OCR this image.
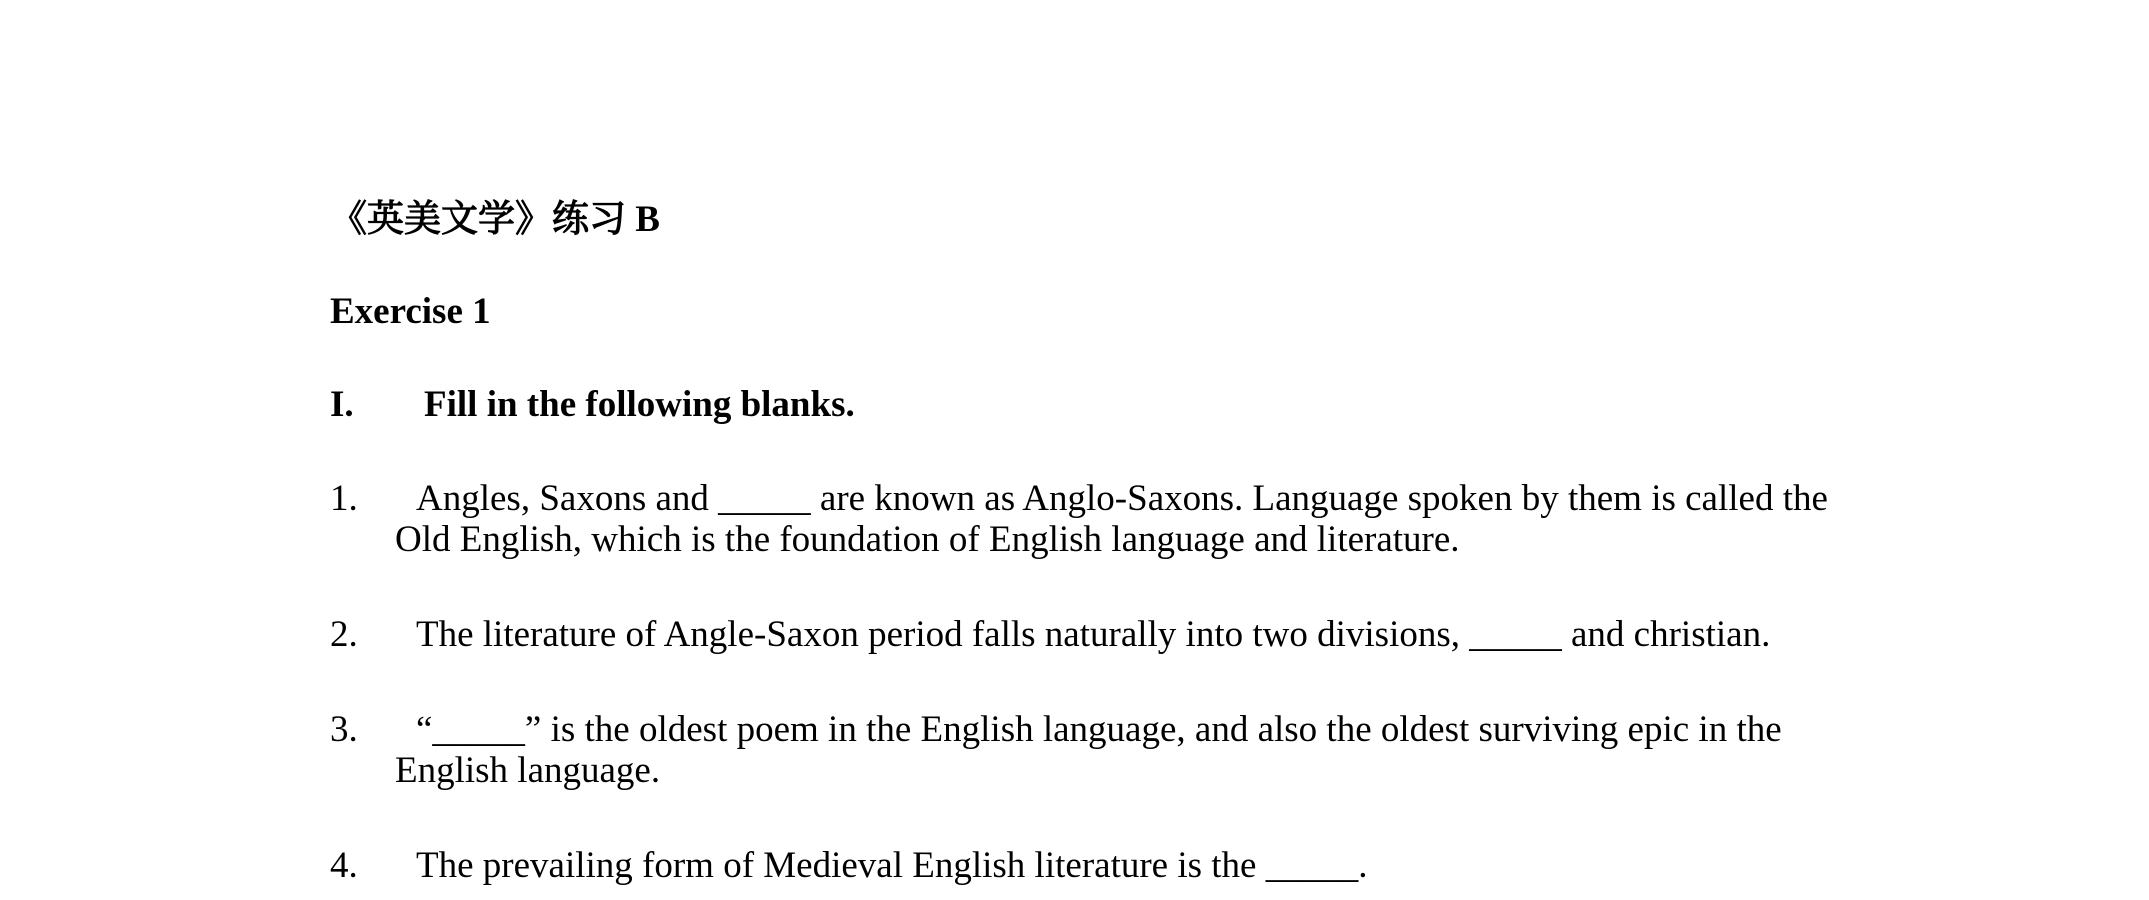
《英美文学》练习 B
Exercise 1
I. Fill in the following blanks.
1.	Angles, Saxons and _____ are known as Anglo-Saxons. Language spoken by them is called the Old English, which is the foundation of English language and literature.
2.	The literature of Angle-Saxon period falls naturally into two divisions, _____ and christian.
3.	“_____” is the oldest poem in the English language, and also the oldest surviving epic in the English language.
4.	The prevailing form of Medieval English literature is the _____.
